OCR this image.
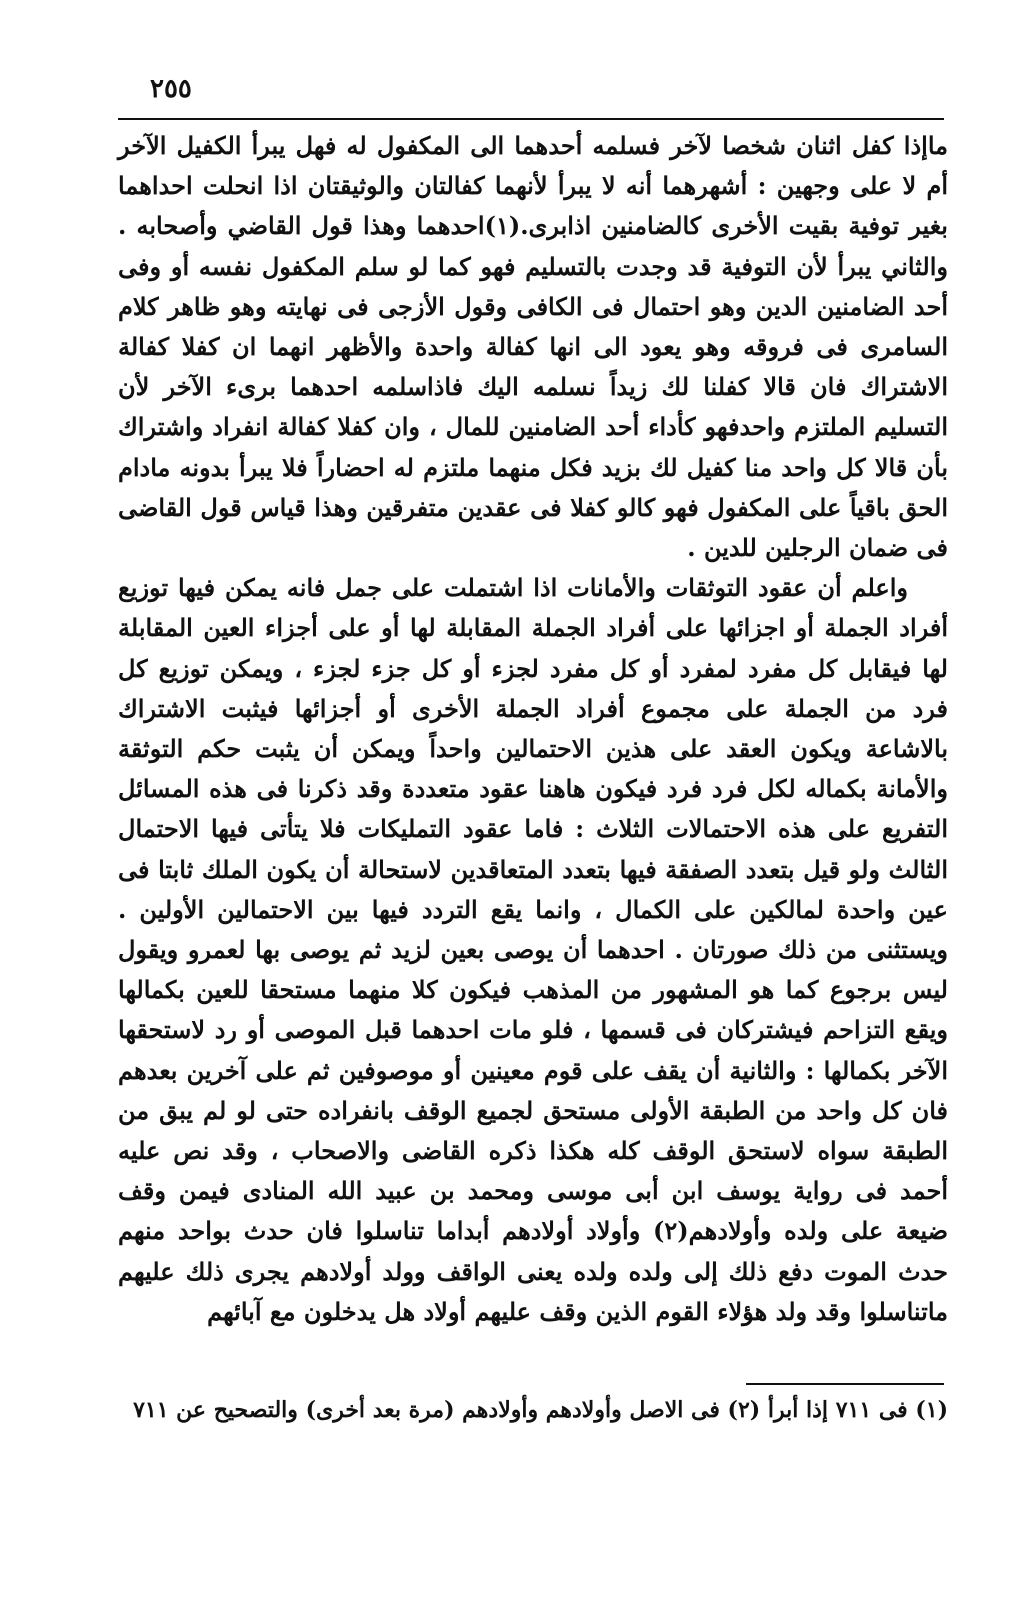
٢٥٥

ماإذا كفل اثنان شخصا لآخر فسلمه أحدهما الى المكفول له فهل يبرأ الكفيل الآخر أم لا على وجهين : أشهرهما أنه لا يبرأ لأنهما كفالتان والوثيقتان اذا انحلت احداهما بغير توفية بقيت الأخرى كالضامنين اذابرى.(١)احدهما وهذا قول القاضي وأصحابه . والثاني يبرأ لأن التوفية قد وجدت بالتسليم فهو كما لو سلم المكفول نفسه أو وفى أحد الضامنين الدين وهو احتمال فى الكافى وقول الأزجى فى نهايته وهو ظاهر كلام السامرى فى فروقه وهو يعود الى انها كفالة واحدة والأظهر انهما ان كفلا كفالة الاشتراك فان قالا كفلنا لك زيداً نسلمه اليك فاذاسلمه احدهما برىء الآخر لأن التسليم الملتزم واحدفهو كأداء أحد الضامنين للمال ، وان كفلا كفالة انفراد واشتراك بأن قالا كل واحد منا كفيل لك بزيد فكل منهما ملتزم له احضاراً فلا يبرأ بدونه مادام الحق باقياً على المكفول فهو كالو كفلا فى عقدين متفرقين وهذا قياس قول القاضى فى ضمان الرجلين للدين .

واعلم أن عقود التوثقات والأمانات اذا اشتملت على جمل فانه يمكن فيها توزيع أفراد الجملة أو اجزائها على أفراد الجملة المقابلة لها أو على أجزاء العين المقابلة لها فيقابل كل مفرد لمفرد أو كل مفرد لجزء أو كل جزء لجزء ، ويمكن توزيع كل فرد من الجملة على مجموع أفراد الجملة الأخرى أو أجزائها فيثبت الاشتراك بالاشاعة ويكون العقد على هذين الاحتمالين واحداً ويمكن أن يثبت حكم التوثقة والأمانة بكماله لكل فرد فرد فيكون هاهنا عقود متعددة وقد ذكرنا فى هذه المسائل التفريع على هذه الاحتمالات الثلاث : فاما عقود التمليكات فلا يتأتى فيها الاحتمال الثالث ولو قيل بتعدد الصفقة فيها بتعدد المتعاقدين لاستحالة أن يكون الملك ثابتا فى عين واحدة لمالكين على الكمال ، وانما يقع التردد فيها بين الاحتمالين الأولين . ويستثنى من ذلك صورتان . احدهما أن يوصى بعين لزيد ثم يوصى بها لعمرو ويقول ليس برجوع كما هو المشهور من المذهب فيكون كلا منهما مستحقا للعين بكمالها ويقع التزاحم فيشتركان فى قسمها ، فلو مات احدهما قبل الموصى أو رد لاستحقها الآخر بكمالها : والثانية أن يقف على قوم معينين أو موصوفين ثم على آخرين بعدهم فان كل واحد من الطبقة الأولى مستحق لجميع الوقف بانفراده حتى لو لم يبق من الطبقة سواه لاستحق الوقف كله هكذا ذكره القاضى والاصحاب ، وقد نص عليه أحمد فى رواية يوسف ابن أبى موسى ومحمد بن عبيد الله المنادى فيمن وقف ضيعة على ولده وأولادهم(٢) وأولاد أولادهم أبداما تناسلوا فان حدث بواحد منهم حدث الموت دفع ذلك إلى ولده ولده يعنى الواقف وولد أولادهم يجرى ذلك عليهم ماتناسلوا وقد ولد هؤلاء القوم الذين وقف عليهم أولاد هل يدخلون مع آبائهم

(١) فى ٧١١ إذا أبرأ (٢) فى الاصل وأولادهم وأولادهم (مرة بعد أخرى) والتصحيح عن ٧١١
